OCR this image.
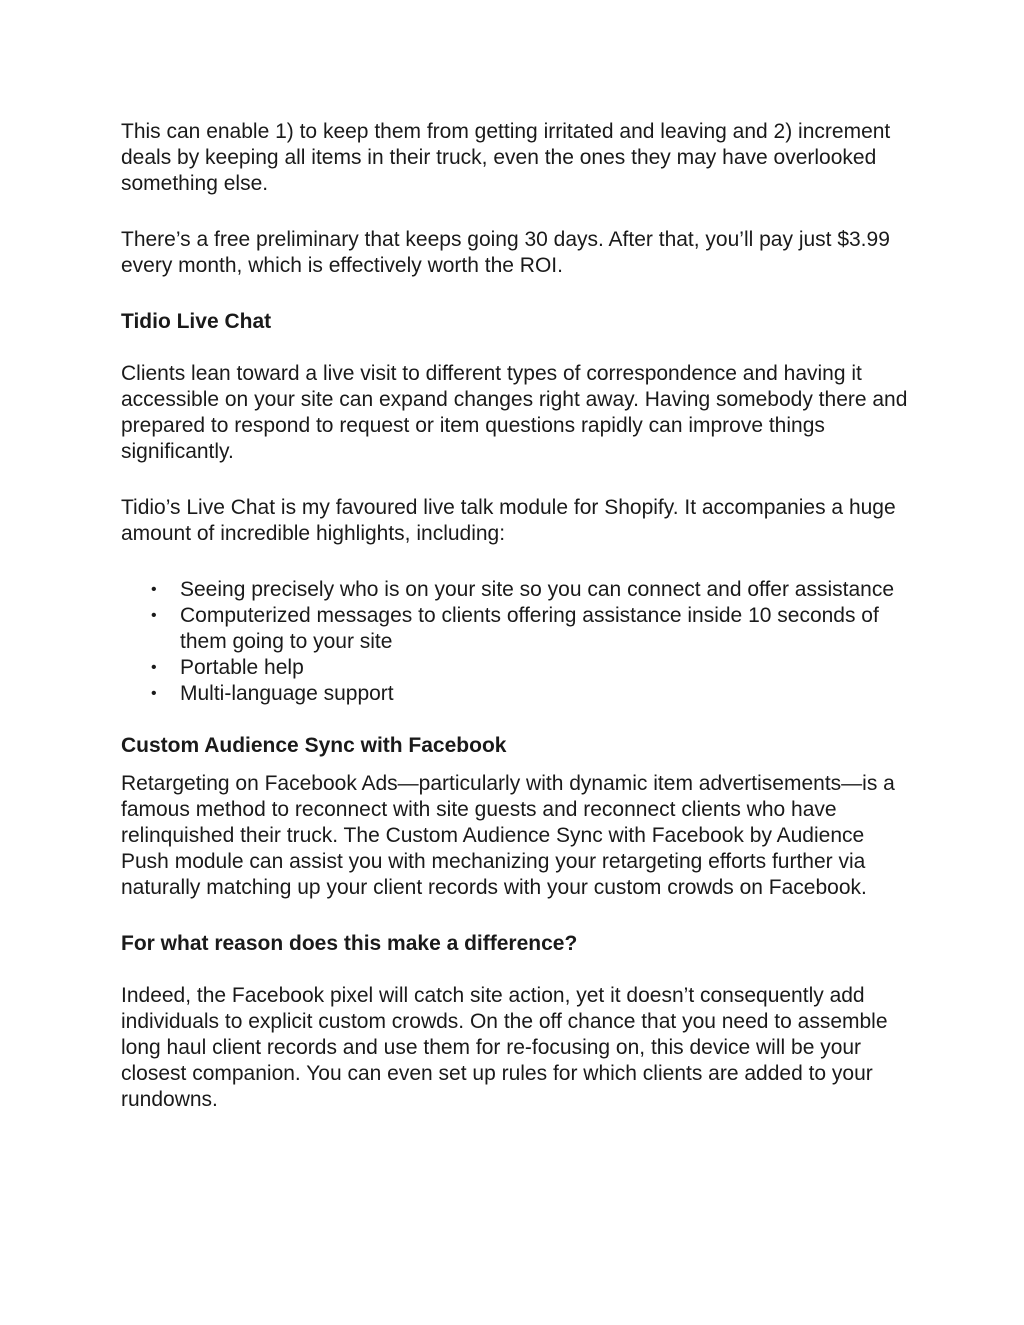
This can enable 1) to keep them from getting irritated and leaving and 2) increment deals by keeping all items in their truck, even the ones they may have overlooked something else.

There’s a free preliminary that keeps going 30 days. After that, you’ll pay just $3.99 every month, which is effectively worth the ROI.

Tidio Live Chat

Clients lean toward a live visit to different types of correspondence and having it accessible on your site can expand changes right away. Having somebody there and prepared to respond to request or item questions rapidly can improve things significantly.

Tidio’s Live Chat is my favoured live talk module for Shopify. It accompanies a huge amount of incredible highlights, including:

• Seeing precisely who is on your site so you can connect and offer assistance
• Computerized messages to clients offering assistance inside 10 seconds of them going to your site
• Portable help
• Multi-language support
Custom Audience Sync with Facebook

Retargeting on Facebook Ads—particularly with dynamic item advertisements—is a famous method to reconnect with site guests and reconnect clients who have relinquished their truck. The Custom Audience Sync with Facebook by Audience Push module can assist you with mechanizing your retargeting efforts further via naturally matching up your client records with your custom crowds on Facebook.

For what reason does this make a difference?

Indeed, the Facebook pixel will catch site action, yet it doesn’t consequently add individuals to explicit custom crowds. On the off chance that you need to assemble long haul client records and use them for re-focusing on, this device will be your closest companion. You can even set up rules for which clients are added to your rundowns.
